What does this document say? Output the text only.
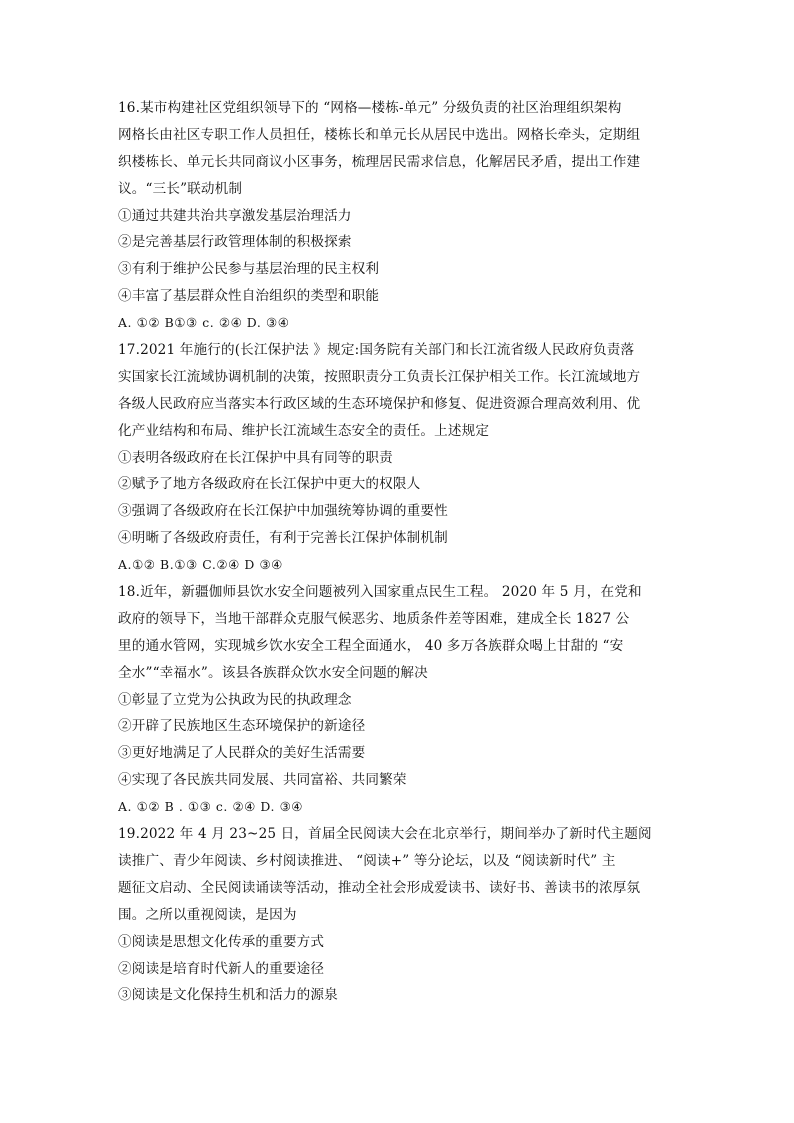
16.某市构建社区党组织领导下的 “网格—楼栋-单元” 分级负责的社区治理组织架构
网格长由社区专职工作人员担任，楼栋长和单元长从居民中选出。网格长牵头，定期组
织楼栋长、单元长共同商议小区事务，梳理居民需求信息，化解居民矛盾，提出工作建
议。“三长”联动机制
①通过共建共治共享激发基层治理活力
②是完善基层行政管理体制的积极探索
③有利于维护公民参与基层治理的民主权利
④丰富了基层群众性自治组织的类型和职能
A. ①② B①③ c. ②④ D. ③④
17.2021 年施行的(长江保护法 》规定:国务院有关部门和长江流省级人民政府负责落
实国家长江流域协调机制的决策，按照职责分工负责长江保护相关工作。长江流域地方
各级人民政府应当落实本行政区域的生态环境保护和修复、促进资源合理高效利用、优
化产业结构和布局、维护长江流域生态安全的责任。上述规定
①表明各级政府在长江保护中具有同等的职责
②赋予了地方各级政府在长江保护中更大的权限人
③强调了各级政府在长江保护中加强统筹协调的重要性
④明晰了各级政府责任，有利于完善长江保护体制机制
A.①② B.①③ C.②④ D ③④
18.近年，新疆伽师县饮水安全问题被列入国家重点民生工程。 2020 年 5 月，在党和
政府的领导下，当地干部群众克服气候恶劣、地质条件差等困难，建成全长 1827 公
里的通水管网，实现城乡饮水安全工程全面通水， 40 多万各族群众喝上甘甜的 “安
全水”“幸福水”。该县各族群众饮水安全问题的解决
①彰显了立党为公执政为民的执政理念
②开辟了民族地区生态环境保护的新途径
③更好地满足了人民群众的美好生活需要
④实现了各民族共同发展、共同富裕、共同繁荣
A. ①② B . ①③ c. ②④ D. ③④
19.2022 年 4 月 23~25 日，首届全民阅读大会在北京举行，期间举办了新时代主题阅
读推广、青少年阅读、乡村阅读推进、 “阅读+” 等分论坛，以及 “阅读新时代” 主
题征文启动、全民阅读诵读等活动，推动全社会形成爱读书、读好书、善读书的浓厚氛
围。之所以重视阅读，是因为
①阅读是思想文化传承的重要方式
②阅读是培育时代新人的重要途径
③阅读是文化保持生机和活力的源泉
